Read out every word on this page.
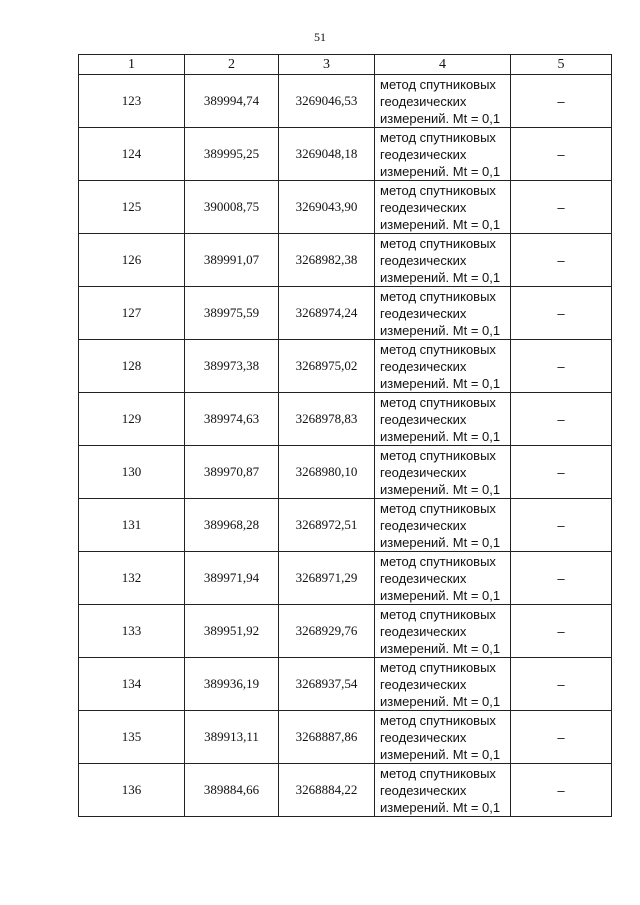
51
1	2	3	4	5
123	389994,74	3269046,53	метод спутниковых
геодезических
измерений. Mt = 0,1	–
124	389995,25	3269048,18	метод спутниковых
геодезических
измерений. Mt = 0,1	–
125	390008,75	3269043,90	метод спутниковых
геодезических
измерений. Mt = 0,1	–
126	389991,07	3268982,38	метод спутниковых
геодезических
измерений. Mt = 0,1	–
127	389975,59	3268974,24	метод спутниковых
геодезических
измерений. Mt = 0,1	–
128	389973,38	3268975,02	метод спутниковых
геодезических
измерений. Mt = 0,1	–
129	389974,63	3268978,83	метод спутниковых
геодезических
измерений. Mt = 0,1	–
130	389970,87	3268980,10	метод спутниковых
геодезических
измерений. Mt = 0,1	–
131	389968,28	3268972,51	метод спутниковых
геодезических
измерений. Mt = 0,1	–
132	389971,94	3268971,29	метод спутниковых
геодезических
измерений. Mt = 0,1	–
133	389951,92	3268929,76	метод спутниковых
геодезических
измерений. Mt = 0,1	–
134	389936,19	3268937,54	метод спутниковых
геодезических
измерений. Mt = 0,1	–
135	389913,11	3268887,86	метод спутниковых
геодезических
измерений. Mt = 0,1	–
136	389884,66	3268884,22	метод спутниковых
геодезических
измерений. Mt = 0,1	–
